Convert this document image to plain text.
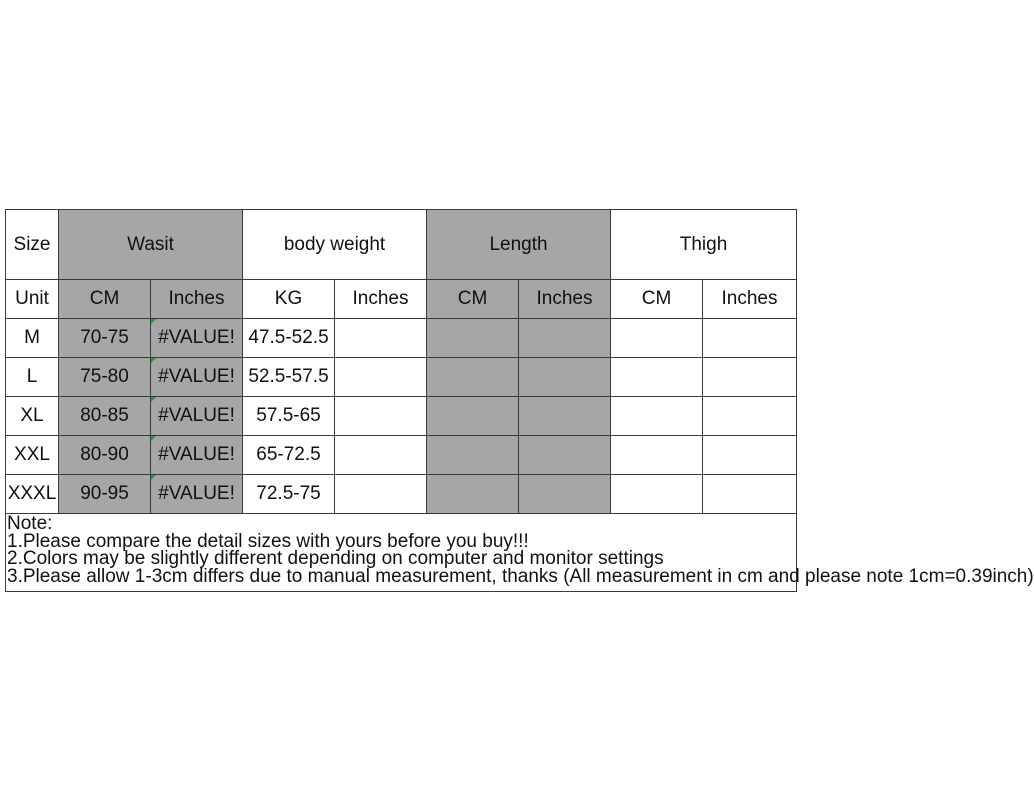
Size	Wasit		body weight		Length		Thigh	
Unit	CM	Inches	KG	Inches	CM	Inches	CM	Inches
M	70-75	#VALUE!	47.5-52.5					
L	75-80	#VALUE!	52.5-57.5					
XL	80-85	#VALUE!	57.5-65					
XXL	80-90	#VALUE!	65-72.5					
XXXL	90-95	#VALUE!	72.5-75					

Note:
1.Please compare the detail sizes with yours before you buy!!!
2.Colors may be slightly different depending on computer and monitor settings
3.Please allow 1-3cm differs due to manual measurement, thanks (All measurement in cm and please note 1cm=0.39inch)								
